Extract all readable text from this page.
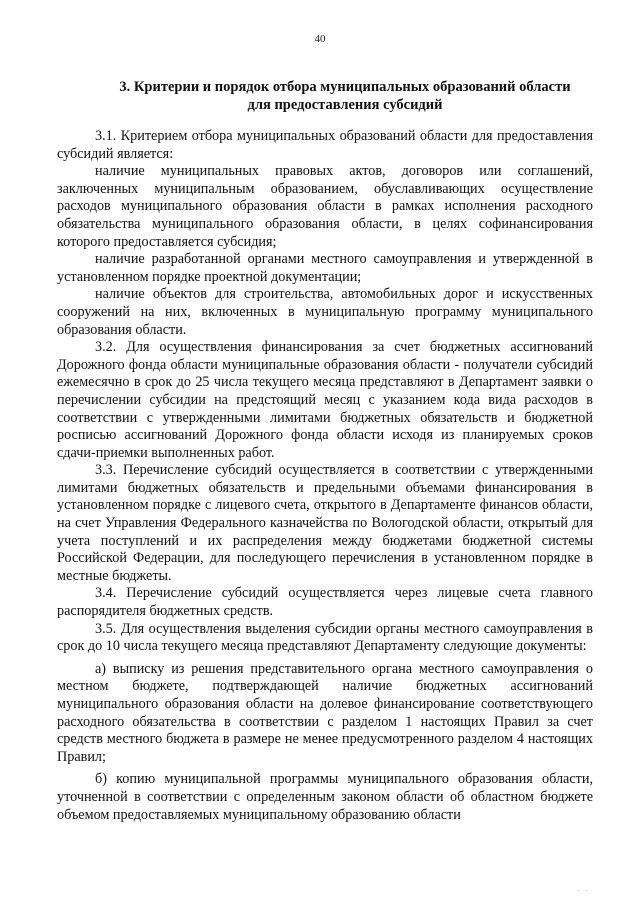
40
3. Критерии и порядок отбора муниципальных образований области
для предоставления субсидий

3.1. Критерием отбора муниципальных образований области для предоставления субсидий является:

наличие муниципальных правовых актов, договоров или соглашений, заключенных муниципальным образованием, обуславливающих осуществление расходов муниципального образования области в рамках исполнения расходного обязательства муниципального образования области, в целях софинансирования которого предоставляется субсидия;

наличие разработанной органами местного самоуправления и утвержденной в установленном порядке проектной документации;

наличие объектов для строительства, автомобильных дорог и искусственных сооружений на них, включенных в муниципальную программу муниципального образования области.

3.2. Для осуществления финансирования за счет бюджетных ассигнований Дорожного фонда области муниципальные образования области - получатели субсидий ежемесячно в срок до 25 числа текущего месяца представляют в Департамент заявки о перечислении субсидии на предстоящий месяц с указанием кода вида расходов в соответствии с утвержденными лимитами бюджетных обязательств и бюджетной росписью ассигнований Дорожного фонда области исходя из планируемых сроков сдачи-приемки выполненных работ.

3.3. Перечисление субсидий осуществляется в соответствии с утвержденными лимитами бюджетных обязательств и предельными объемами финансирования в установленном порядке с лицевого счета, открытого в Департаменте финансов области, на счет Управления Федерального казначейства по Вологодской области, открытый для учета поступлений и их распределения между бюджетами бюджетной системы Российской Федерации, для последующего перечисления в установленном порядке в местные бюджеты.

3.4. Перечисление субсидий осуществляется через лицевые счета главного распорядителя бюджетных средств.

3.5. Для осуществления выделения субсидии органы местного самоуправления в срок до 10 числа текущего месяца представляют Департаменту следующие документы:

а) выписку из решения представительного органа местного самоуправления о местном бюджете, подтверждающей наличие бюджетных ассигнований муниципального образования области на долевое финансирование соответствующего расходного обязательства в соответствии с разделом 1 настоящих Правил за счет средств местного бюджета в размере не менее предусмотренного разделом 4 настоящих Правил;

б) копию муниципальной программы муниципального образования области, уточненной в соответствии с определенным законом области об областном бюджете объемом предоставляемых муниципальному образованию области

· ·
